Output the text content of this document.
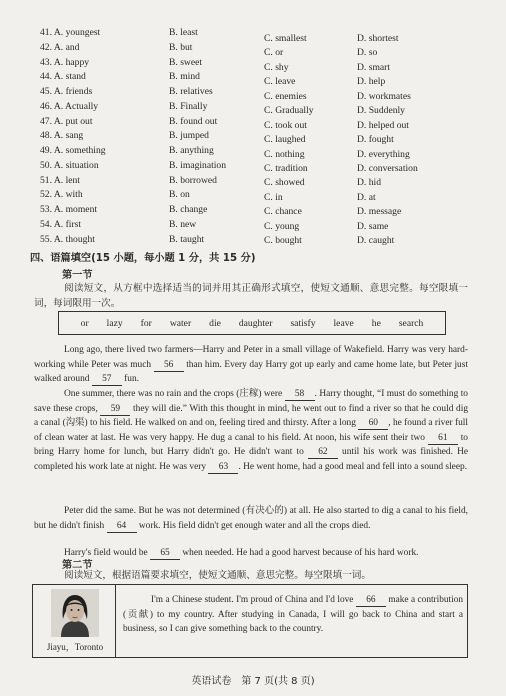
41. A. youngest
42. A. and
43. A. happy
44. A. stand
45. A. friends
46. A. Actually
47. A. put out
48. A. sang
49. A. something
50. A. situation
51. A. lent
52. A. with
53. A. moment
54. A. first
55. A. thought
B. least
B. but
B. sweet
B. mind
B. relatives
B. Finally
B. found out
B. jumped
B. anything
B. imagination
B. borrowed
B. on
B. change
B. new
B. taught
C. smallest
C. or
C. shy
C. leave
C. enemies
C. Gradually
C. took out
C. laughed
C. nothing
C. tradition
C. showed
C. in
C. chance
C. young
C. bought
D. shortest
D. so
D. smart
D. help
D. workmates
D. Suddenly
D. helped out
D. fought
D. everything
D. conversation
D. hid
D. at
D. message
D. same
D. caught
四、语篇填空(15 小题，每小题 1 分，共 15 分)
第一节
阅读短文，从方框中选择适当的词并用其正确形式填空，使短文通顺、意思完整。每空限填一词，每词限用一次。
or lazy for water die daughter satisfy leave he search
Long ago, there lived two farmers—Harry and Peter in a small village of Wakefield. Harry was very hard-working while Peter was much 56 than him. Every day Harry got up early and came home late, but Peter just walked around 57 fun.
One summer, there was no rain and the crops (庄稼) were 58 . Harry thought, “I must do something to save these crops, 59 they will die.” With this thought in mind, he went out to find a river so that he could dig a canal (沟渠) to his field. He walked on and on, feeling tired and thirsty. After a long 60 , he found a river full of clean water at last. He was very happy. He dug a canal to his field. At noon, his wife sent their two 61 to bring Harry home for lunch, but Harry didn't go. He didn't want to 62 until his work was finished. He completed his work late at night. He was very 63 . He went home, had a good meal and fell into a sound sleep.
Peter did the same. But he was not determined (有决心的) at all. He also started to dig a canal to his field, but he didn't finish 64 work. His field didn't get enough water and all the crops died.
Harry's field would be 65 when needed. He had a good harvest because of his hard work.
第二节
阅读短文，根据语篇要求填空，使短文通顺、意思完整。每空限填一词。
Jiayu，Toronto
I'm a Chinese student. I'm proud of China and I'd love 66 make a contribution (贡献) to my country. After studying in Canada, I will go back to China and start a business, so I can give something back to the country.
英语试卷　第 7 页(共 8 页)
